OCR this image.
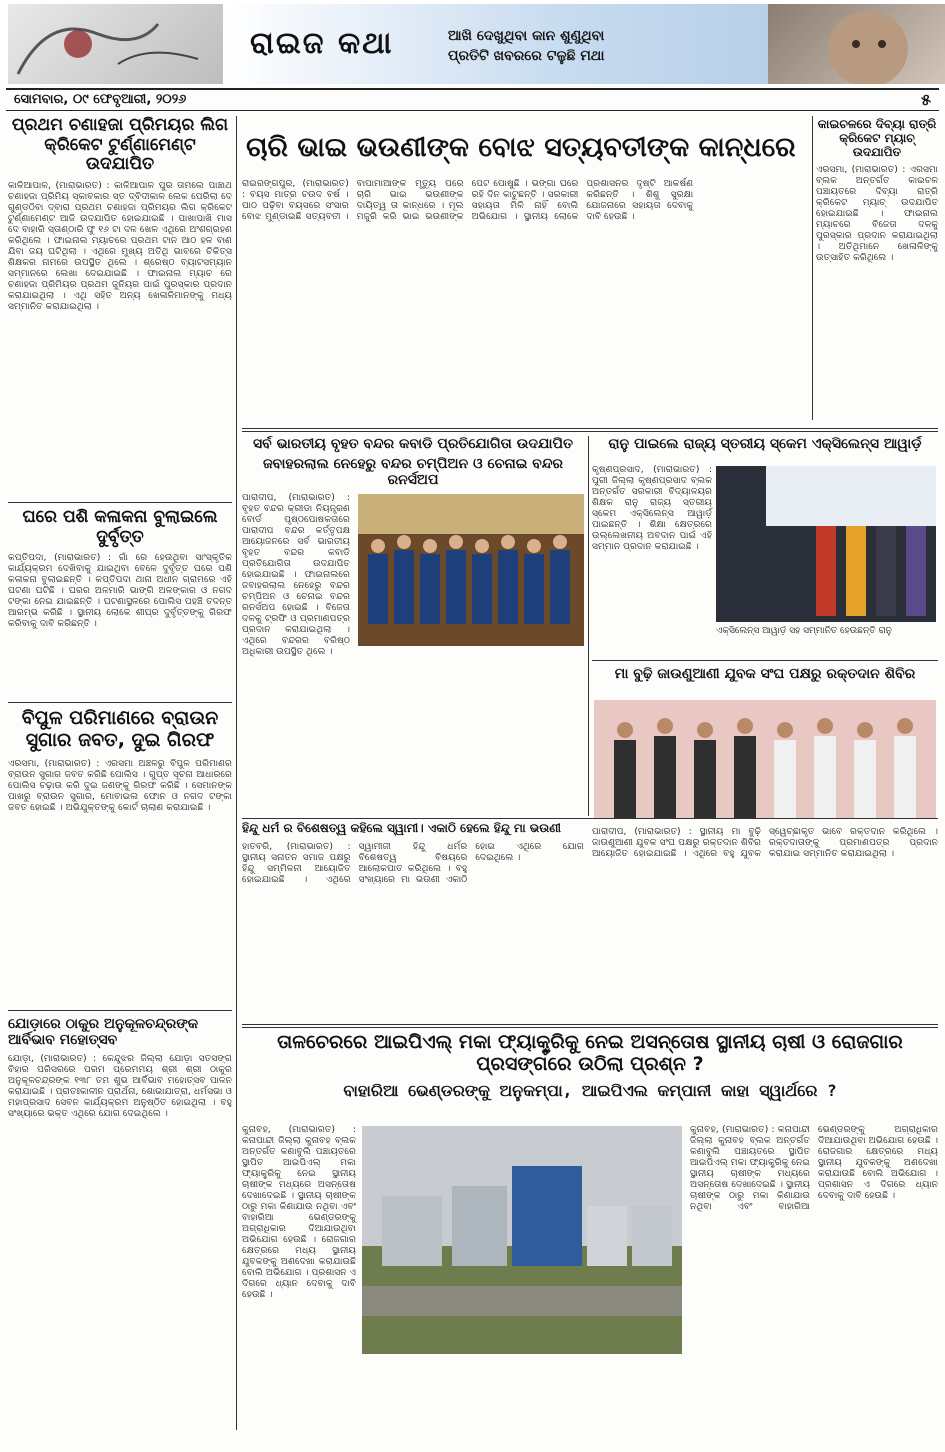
ରାଇଜ କଥା	ଆଖି ଦେଖୁଥିବା କାନ ଶୁଣୁଥିବା
ପ୍ରତିଟି ଖବରରେ ଟଳୁଛି ମଥା
ସୋମବାର, ୦୯ ଫେବୃଆରୀ, ୨୦୨୬	୫
ପ୍ରଥମ ଚଣାହଜା ପ୍ରିମୟର ଲିଗ କ୍ରିକେଟ ଟୁର୍ଣ୍ଣାମେଣ୍ଟ ଉଦଯାପିତ
କାଳିଆପାଳ, (ମାରାଭାରତ) : କାଳିଆପାଳ ପୁର ତାମଲେ ପାଞ୍ଚାଥ ଚଣାହଜା ପ୍ରିମିୟ ସ୍କାବକାର ସ୍ତ ଦ୍ବିଦୀକାଳ ଲେକ ପେରିଲା ଦେ ଗୁଣ୍ଡଠିବା ଦ୍ବାରା ପ୍ରଥମ ଚଣାହଜା ପ୍ରିମୟର ଲିଗ କ୍ରିକେଟ ଟୁର୍ଣ୍ଣାମେଣ୍ଟ ଆଜି ଉଦଯାପିତ ହୋଇଯାଇଛି । ପାଖାପାଖି ମାସ ଦେ ବାହାରି ସ୍ତାଣ୍ଠାରି ଫୁ ୧୬ ଟା ଦଳ ଖେଳ ଏଥିରେ ଅଂଶଗ୍ରହଣ କରିଥିଲେ । ଫାଇନାଲ ମ୍ୟାଚରେ ପ୍ରଥମ ଟାନ ଆଠ ହଳ ବାଣ ଯିବା ଜୟ ଘଟିଥିଲା । ଏଥିରେ ମୁଖ୍ୟ ଅତିଥି ଭାବରେ ଚିକିତ୍ସ ଶିକ୍ଷକର ନାମରେ ଉପସ୍ଥିତ ଥିଲେ । ଶ୍ରେଷ୍ଠ ବ୍ୟାଟସମ୍ୟାନ ସମ୍ମାନରେ ଲେଖା ଦେଇଯାଇଛି । ଫାଇନାଲ ମ୍ୟାଚ ରେ ଚଣାହଜା ପ୍ରିମିୟର ପ୍ରଥମ ଜୁନିୟର ପାଇଁ ପୁରସ୍କାର ପ୍ରଦାନ କରାଯାଇଥିଲା । ଏଥି ସହିତ ଅନ୍ୟ ଖେଳାଳିମାନଙ୍କୁ ମଧ୍ୟ ସମ୍ମାନିତ କରାଯାଇଥିଲା ।
ଘରେ ପଶି କଳାକନା ବୁଲାଇଲେ ଦୁର୍ବୃତ୍ତ
କପ୍ତିପଦା, (ମାରାଭାରତ) : ଗାଁ ରେ ହେଉଥିବା ସାଂସ୍କୃତିକ କାର୍ଯ୍ୟକ୍ରମ ଦେଖିବାକୁ ଯାଇଥିବା ବେଳେ ଦୁର୍ବୃତ୍ତ ଘରେ ପଶି କଳାକନା ବୁଲାଇଛନ୍ତି । କପ୍ତିପଦା ଥାନା ଅଧୀନ ଗ୍ରାମରେ ଏହି ଘଟଣା ଘଟିଛି । ଘରର ଅଳମାରି ଭାଙ୍ଗି ଅଳଙ୍କାର ଓ ନଗଦ ଟଙ୍କା ନେଇ ଯାଇଛନ୍ତି । ଘଟଣାସ୍ଥଳରେ ପୋଲିସ ପହଞ୍ଚି ତଦନ୍ତ ଆରମ୍ଭ କରିଛି । ସ୍ଥାନୀୟ ଲୋକେ ଶୀଘ୍ର ଦୁର୍ବୃତ୍ତଙ୍କୁ ଗିରଫ କରିବାକୁ ଦାବି କରିଛନ୍ତି ।
ବିପୁଳ ପରିମାଣରେ ବ୍ରାଉନ ସୁଗାର ଜବତ, ଦୁଇ ଗିରଫ
ଏରସମା, (ମାରାଭାରତ) : ଏରସମା ଅଞ୍ଚଳରୁ ବିପୁଳ ପରିମାଣର ବ୍ରାଉନ ସୁଗାର ଜବତ କରିଛି ପୋଲିସ । ଗୁପ୍ତ ସୂଚନା ଆଧାରରେ ପୋଲିସ ଚଢ଼ାଉ କରି ଦୁଇ ଜଣଙ୍କୁ ଗିରଫ କରିଛି । ସେମାନଙ୍କ ପାଖରୁ ବ୍ରାଉନ ସୁଗାର, ମୋବାଇଲ ଫୋନ ଓ ନଗଦ ଟଙ୍କା ଜବତ ହୋଇଛି । ଅଭିଯୁକ୍ତଙ୍କୁ କୋର୍ଟ ଚାଲାଣ କରାଯାଇଛି ।
ଯୋଡ଼ାରେ ଠାକୁର ଅନୁକୂଳଚନ୍ଦ୍ରଙ୍କ ଆର୍ବିଭାବ ମହୋତ୍ସବ
ଯୋଡ଼ା, (ମାରାଭାରତ) : କେନ୍ଦୁଝର ଜିଲ୍ଲା ଯୋଡ଼ା ସତସଙ୍ଗ ବିହାର ପରିସରରେ ପରମ ପ୍ରେମମୟ ଶ୍ରୀ ଶ୍ରୀ ଠାକୁର ଅନୁକୂଳଚନ୍ଦ୍ରଙ୍କ ୧୩୮ ତମ ଶୁଭ ଆର୍ବିଭାବ ମହୋତ୍ସବ ପାଳନ କରାଯାଇଛି । ପ୍ରାତଃକାଳୀନ ପ୍ରାର୍ଥନା, ଶୋଭାଯାତ୍ରା, ଧର୍ମସଭା ଓ ମହାପ୍ରସାଦ ସେବନ କାର୍ଯ୍ୟକ୍ରମ ଅନୁଷ୍ଠିତ ହୋଇଥିଲା । ବହୁ ସଂଖ୍ୟାରେ ଭକ୍ତ ଏଥିରେ ଯୋଗ ଦେଇଥିଲେ ।
ଚାରି ଭାଇ ଭଉଣୀଙ୍କ ବୋଝ ସତ୍ୟବତୀଙ୍କ କାନ୍ଧରେ
ରାଇରଙ୍ଗପୁର, (ମାରାଭାରତ) : ବୟସ ମାତ୍ର ଚଉଦ ବର୍ଷ । ପାଠ ପଢ଼ିବା ବୟସରେ ସଂସାର ବୋଝ ମୁଣ୍ଡାଇଛି ସତ୍ୟବତୀ । ବାପାମାଆଙ୍କ ମୃତ୍ୟୁ ପରେ ଚାରି ଭାଇ ଭଉଣୀଙ୍କ ଦାୟିତ୍ୱ ତା କାନ୍ଧରେ । ମୂଲ ମଜୁରି କରି ଭାଇ ଭଉଣୀଙ୍କ ପେଟ ପୋଷୁଛି । ଭଙ୍ଗା ଘରେ ରହି ଦିନ କାଟୁଛନ୍ତି । ସରକାରୀ ସହାୟତା ମିଳି ନାହିଁ ବୋଲି ଅଭିଯୋଗ । ସ୍ଥାନୀୟ ଲୋକେ ପ୍ରଶାସନର ଦୃଷ୍ଟି ଆକର୍ଷଣ କରିଛନ୍ତି । ଶିଶୁ ସୁରକ୍ଷା ଯୋଜନାରେ ସହାୟତା ଦେବାକୁ ଦାବି ହେଉଛି ।
କାଇଚଳରେ ଦିବ୍ୟା ରାତ୍ରି କ୍ରିକେଟ ମ୍ୟାଚ୍ ଉଦଯାପିତ
ଏରସମା, (ମାରାଭାରତ) : ଏରସମା ବ୍ଲକ ଅନ୍ତର୍ଗତ କାଇଚଳ ପଞ୍ଚାୟତରେ ଦିବ୍ୟା ରାତ୍ରି କ୍ରିକେଟ ମ୍ୟାଚ୍ ଉଦଯାପିତ ହୋଇଯାଇଛି । ଫାଇନାଲ ମ୍ୟାଚରେ ବିଜେତା ଦଳକୁ ପୁରସ୍କାର ପ୍ରଦାନ କରାଯାଇଥିଲା । ଅତିଥିମାନେ ଖେଳାଳିଙ୍କୁ ଉତ୍ସାହିତ କରିଥିଲେ ।
ସର୍ବ ଭାରତୀୟ ବୃହତ ବନ୍ଦର କବାଡି ପ୍ରତିଯୋଗିତା ଉଦଯାପିତ
ଜବାହରଲାଲ ନେହେରୁ ବନ୍ଦର ଚମ୍ପିଅନ ଓ ଚେନାଇ ବନ୍ଦର ରନର୍ସଅପ
ପାରାଦୀପ, (ମାରାଭାରତ) : ବୃହତ ବନ୍ଦର କ୍ରୀଡା ନିୟନ୍ତ୍ରଣ ବୋର୍ଡ ପୃଷ୍ଠପୋଷକତାରେ ପାରାଦୀପ ବନ୍ଦର କର୍ତ୍ତୃପକ୍ଷ ଆୟୋଜନରେ ସର୍ବ ଭାରତୀୟ ବୃହତ ବନ୍ଦର କବାଡି ପ୍ରତିଯୋଗିତା ଉଦଯାପିତ ହୋଇଯାଇଛି । ଫାଇନାଲରେ ଜବାହରଲାଲ ନେହେରୁ ବନ୍ଦର ଚମ୍ପିଅନ ଓ ଚେନାଇ ବନ୍ଦର ରନର୍ସଅପ ହୋଇଛି । ବିଜେତା ଦଳକୁ ଟ୍ରଫି ଓ ପ୍ରମାଣପତ୍ର ପ୍ରଦାନ କରାଯାଇଥିଲା । ଏଥିରେ ବନ୍ଦରର ବରିଷ୍ଠ ଅଧିକାରୀ ଉପସ୍ଥିତ ଥିଲେ ।
ରାନୁ ପାଇଲେ ରାଜ୍ୟ ସ୍ତରୀୟ ସ୍କେମ ଏକ୍ସିଲେନ୍ସ ଆୱାର୍ଡ଼
କୃଷ୍ଣପ୍ରସାଦ, (ମାରାଭାରତ) : ପୁରୀ ଜିଲ୍ଲା କୃଷ୍ଣପ୍ରସାଦ ବ୍ଲକ ଅନ୍ତର୍ଗତ ସରକାରୀ ବିଦ୍ୟାଳୟର ଶିକ୍ଷକ ରାନୁ ରାଜ୍ୟ ସ୍ତରୀୟ ସ୍କେମ ଏକ୍ସିଲେନ୍ସ ଆୱାର୍ଡ଼ ପାଇଛନ୍ତି । ଶିକ୍ଷା କ୍ଷେତ୍ରରେ ଉଲ୍ଲେଖନୀୟ ଅବଦାନ ପାଇଁ ଏହି ସମ୍ମାନ ପ୍ରଦାନ କରାଯାଇଛି ।
ଏକ୍ସିଲେନ୍ସ ଆୱାର୍ଡ଼ ସହ ସମ୍ମାନିତ ହେଉଛନ୍ତି ରାନୁ
ମା ବୁଢ଼ି ଜାଉଣୁଆଣୀ ଯୁବକ ସଂଘ ପକ୍ଷରୁ ରକ୍ତଦାନ ଶିବିର
ହିନ୍ଦୁ ଧର୍ମ ର ବିଶେଷତ୍ୱ କହିଲେ ସ୍ୱାମୀ। ଏକାଠି ହେଲେ ହିନ୍ଦୁ ମା ଭଉଣୀ
ହାତବରି, (ମାରାଭାରତ) : ସ୍ଥାନୀୟ ସନାତନ ସମାଜ ପକ୍ଷରୁ ହିନ୍ଦୁ ସମ୍ମିଳନୀ ଆୟୋଜିତ ହୋଇଯାଇଛି । ଏଥିରେ ସ୍ୱାମୀଜୀ ହିନ୍ଦୁ ଧର୍ମର ବିଶେଷତ୍ୱ ବିଷୟରେ ଆଲୋକପାତ କରିଥିଲେ । ବହୁ ସଂଖ୍ୟାରେ ମା ଭଉଣୀ ଏକାଠି ହୋଇ ଏଥିରେ ଯୋଗ ଦେଇଥିଲେ ।
ପାରାଦୀପ, (ମାରାଭାରତ) : ସ୍ଥାନୀୟ ମା ବୁଢ଼ି ଜାଉଣୁଆଣୀ ଯୁବକ ସଂଘ ପକ୍ଷରୁ ରକ୍ତଦାନ ଶିବିର ଆୟୋଜିତ ହୋଇଯାଇଛି । ଏଥିରେ ବହୁ ଯୁବକ ସ୍ୱେଚ୍ଛାକୃତ ଭାବେ ରକ୍ତଦାନ କରିଥିଲେ । ରକ୍ତଦାତାଙ୍କୁ ପ୍ରମାଣପତ୍ର ପ୍ରଦାନ କରାଯାଇ ସମ୍ମାନିତ କରାଯାଇଥିଲା ।
ତାଳଚେରରେ ଆଇପିଏଲ୍ ମକା ଫ୍ୟାକ୍ଟ୍ରିକୁ ନେଇ ଅସନ୍ତୋଷ ସ୍ଥାନୀୟ ଚାଷୀ ଓ ରୋଜଗାର ପ୍ରସଙ୍ଗରେ ଉଠିଲା ପ୍ରଶ୍ନ ?
ବାହାରିଆ ଭେଣ୍ଡରଙ୍କୁ ଅନୁକମ୍ପା, ଆଇପିଏଲ କମ୍ପାନୀ କାହା ସ୍ୱାର୍ଥରେ ?
କୁନାବହ, (ମାରାଭାରତ) : କନାପାନ୍ଦୀ ଜିଲ୍ଲା କୁନାବହ ବ୍ଲକ ଅନ୍ତର୍ଗତ କଣାବୁଲି ପଞ୍ଚାୟତରେ ସ୍ଥାପିତ ଆଇପିଏଲ୍ ମକା ଫ୍ୟାକ୍ଟ୍ରିକୁ ନେଇ ସ୍ଥାନୀୟ ଚାଷୀଙ୍କ ମଧ୍ୟରେ ଅସନ୍ତୋଷ ଦେଖାଦେଇଛି । ସ୍ଥାନୀୟ ଚାଷୀଙ୍କ ଠାରୁ ମକା କିଣାଯାଉ ନଥିବା ଏବଂ ବାହାରିଆ ଭେଣ୍ଡରଙ୍କୁ ଅଗ୍ରାଧିକାର ଦିଆଯାଉଥିବା ଅଭିଯୋଗ ହେଉଛି । ରୋଜଗାର କ୍ଷେତ୍ରରେ ମଧ୍ୟ ସ୍ଥାନୀୟ ଯୁବକଙ୍କୁ ଅଣଦେଖା କରାଯାଉଛି ବୋଲି ଅଭିଯୋଗ । ପ୍ରଶାସନ ଏ ଦିଗରେ ଧ୍ୟାନ ଦେବାକୁ ଦାବି ହେଉଛି ।
କୁନାବହ, (ମାରାଭାରତ) : କନାପାନ୍ଦୀ ଜିଲ୍ଲା କୁନାବହ ବ୍ଲକ ଅନ୍ତର୍ଗତ କଣାବୁଲି ପଞ୍ଚାୟତରେ ସ୍ଥାପିତ ଆଇପିଏଲ୍ ମକା ଫ୍ୟାକ୍ଟ୍ରିକୁ ନେଇ ସ୍ଥାନୀୟ ଚାଷୀଙ୍କ ମଧ୍ୟରେ ଅସନ୍ତୋଷ ଦେଖାଦେଇଛି । ସ୍ଥାନୀୟ ଚାଷୀଙ୍କ ଠାରୁ ମକା କିଣାଯାଉ ନଥିବା ଏବଂ ବାହାରିଆ ଭେଣ୍ଡରଙ୍କୁ ଅଗ୍ରାଧିକାର ଦିଆଯାଉଥିବା ଅଭିଯୋଗ ହେଉଛି । ରୋଜଗାର କ୍ଷେତ୍ରରେ ମଧ୍ୟ ସ୍ଥାନୀୟ ଯୁବକଙ୍କୁ ଅଣଦେଖା କରାଯାଉଛି ବୋଲି ଅଭିଯୋଗ । ପ୍ରଶାସନ ଏ ଦିଗରେ ଧ୍ୟାନ ଦେବାକୁ ଦାବି ହେଉଛି ।
